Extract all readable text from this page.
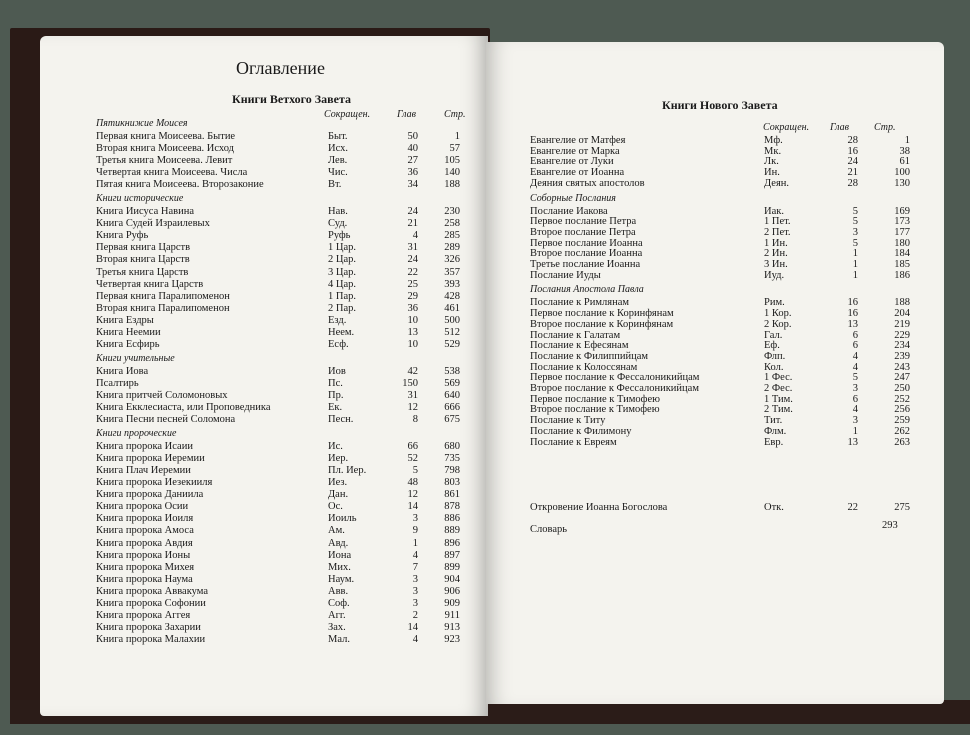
Оглавление
Книги Ветхого Завета
Сокращен.	Глав	Стр.
Пятикнижие Моисея
Первая книга Моисеева. Бытие	Быт.	50	1
Вторая книга Моисеева. Исход	Исх.	40	57
Третья книга Моисеева. Левит	Лев.	27	105
Четвертая книга Моисеева. Числа	Чис.	36	140
Пятая книга Моисеева. Второзаконие	Вт.	34	188
Книги исторические
Книга Иисуса Навина	Нав.	24	230
Книга Судей Израилевых	Суд.	21	258
Книга Руфь	Руфь	4	285
Первая книга Царств	1 Цар.	31	289
Вторая книга Царств	2 Цар.	24	326
Третья книга Царств	3 Цар.	22	357
Четвертая книга Царств	4 Цар.	25	393
Первая книга Паралипоменон	1 Пар.	29	428
Вторая книга Паралипоменон	2 Пар.	36	461
Книга Ездры	Езд.	10	500
Книга Неемии	Неем.	13	512
Книга Есфирь	Есф.	10	529
Книги учительные
Книга Иова	Иов	42	538
Псалтирь	Пс.	150	569
Книга притчей Соломоновых	Пр.	31	640
Книга Екклесиаста, или Проповедника	Ек.	12	666
Книга Песни песней Соломона	Песн.	8	675
Книги пророческие
Книга пророка Исаии	Ис.	66	680
Книга пророка Иеремии	Иер.	52	735
Книга Плач Иеремии	Пл. Иер.	5	798
Книга пророка Иезекииля	Иез.	48	803
Книга пророка Даниила	Дан.	12	861
Книга пророка Осии	Ос.	14	878
Книга пророка Иоиля	Иоиль	3	886
Книга пророка Амоса	Ам.	9	889
Книга пророка Авдия	Авд.	1	896
Книга пророка Ионы	Иона	4	897
Книга пророка Михея	Мих.	7	899
Книга пророка Наума	Наум.	3	904
Книга пророка Аввакума	Авв.	3	906
Книга пророка Софонии	Соф.	3	909
Книга пророка Аггея	Агг.	2	911
Книга пророка Захарии	Зах.	14	913
Книга пророка Малахии	Мал.	4	923
Книги Нового Завета
Сокращен. Глав	Стр.
Откровение Иоанна Богослова	Отк.	22	275
293
Словарь
Евангелие от Матфея	Мф.	28	1
Евангелие от Марка	Мк.	16	38
Евангелие от Луки	Лк.	24	61
Евангелие от Иоанна	Ин.	21	100
Деяния святых апостолов	Деян.	28	130
Соборные Послания
Послание Иакова	Иак.	5	169
Первое послание Петра	1 Пет.	5	173
Второе послание Петра	2 Пет.	3	177
Первое послание Иоанна	1 Ин.	5	180
Второе послание Иоанна	2 Ин.	1	184
Третье послание Иоанна	3 Ин.	1	185
Послание Иуды	Иуд.	1	186
Послания Апостола Павла
Послание к Римлянам	Рим.	16	188
Первое послание к Коринфянам	1 Кор.	16	204
Второе послание к Коринфянам	2 Кор.	13	219
Послание к Галатам	Гал.	6	229
Послание к Ефесянам	Еф.	6	234
Послание к Филиппийцам	Флп.	4	239
Послание к Колоссянам	Кол.	4	243
Первое послание к Фессалоникийцам	1 Фес.	5	247
Второе послание к Фессалоникийцам	2 Фес.	3	250
Первое послание к Тимофею	1 Тим.	6	252
Второе послание к Тимофею	2 Тим.	4	256
Послание к Титу	Тит.	3	259
Послание к Филимону	Флм.	1	262
Послание к Евреям	Евр.	13	263
